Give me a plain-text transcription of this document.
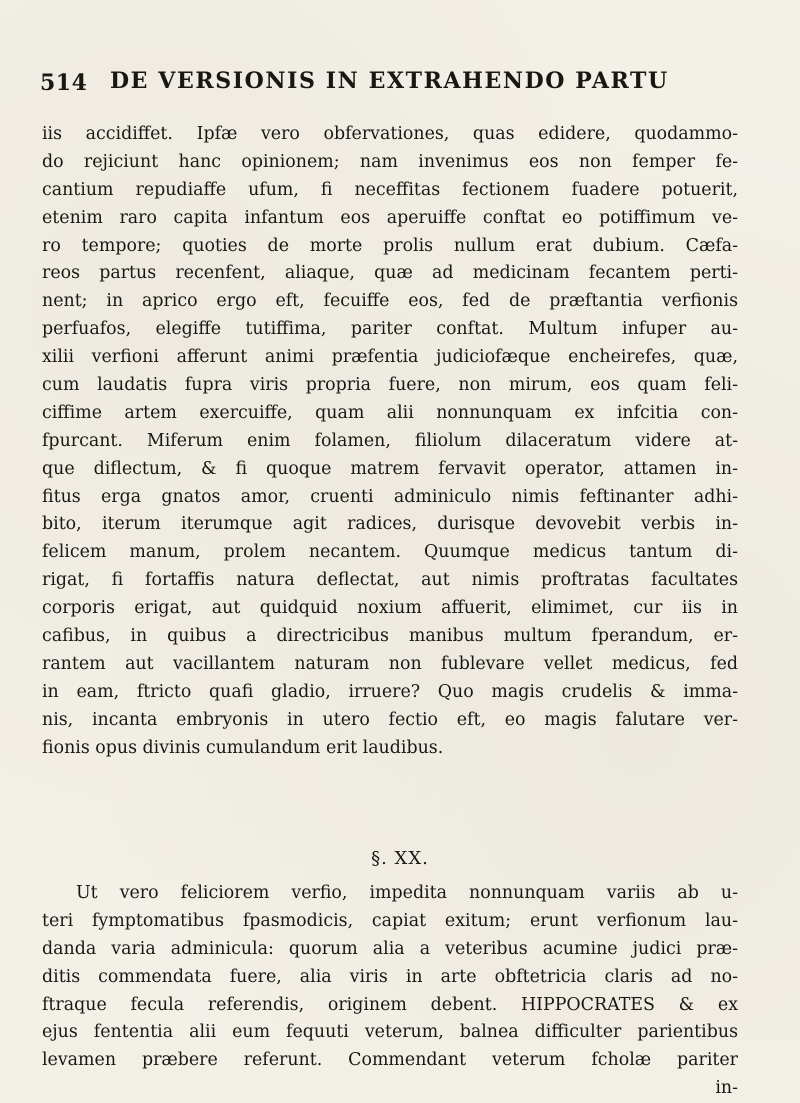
514 DE VERSIONIS IN EXTRAHENDO PARTU
iis accidiffet. Ipfæ vero obfervationes, quas edidere, quodammo-
do rejiciunt hanc opinionem; nam invenimus eos non femper fe-
cantium repudiaffe ufum, fi neceffitas fectionem fuadere potuerit,
etenim raro capita infantum eos aperuiffe conftat eo potiffimum ve-
ro tempore; quoties de morte prolis nullum erat dubium. Cæfa-
reos partus recenfent, aliaque, quæ ad medicinam fecantem perti-
nent; in aprico ergo eft, fecuiffe eos, fed de præftantia verfionis
perfuafos, elegiffe tutiffima, pariter conftat. Multum infuper au-
xilii verfioni afferunt animi præfentia judiciofæque encheirefes, quæ,
cum laudatis fupra viris propria fuere, non mirum, eos quam feli-
ciffime artem exercuiffe, quam alii nonnunquam ex infcitia con-
fpurcant. Miferum enim folamen, filiolum dilaceratum videre at-
que diflectum, & fi quoque matrem fervavit operator, attamen in-
fitus erga gnatos amor, cruenti adminiculo nimis feftinanter adhi-
bito, iterum iterumque agit radices, durisque devovebit verbis in-
felicem manum, prolem necantem. Quumque medicus tantum di-
rigat, fi fortaffis natura deflectat, aut nimis proftratas facultates
corporis erigat, aut quidquid noxium affuerit, elimimet, cur iis in
cafibus, in quibus a directricibus manibus multum fperandum, er-
rantem aut vacillantem naturam non fublevare vellet medicus, fed
in eam, ftricto quafi gladio, irruere? Quo magis crudelis & imma-
nis, incanta embryonis in utero fectio eft, eo magis falutare ver-
fionis opus divinis cumulandum erit laudibus.
§. XX.
Ut vero feliciorem verfio, impedita nonnunquam variis ab u-
teri fymptomatibus fpasmodicis, capiat exitum; erunt verfionum lau-
danda varia adminicula: quorum alia a veteribus acumine judici præ-
ditis commendata fuere, alia viris in arte obftetricia claris ad no-
ftraque fecula referendis, originem debent. HIPPOCRATES & ex
ejus fententia alii eum fequuti veterum, balnea difficulter parientibus
levamen præbere referunt. Commendant veterum fcholæ pariter
in-
